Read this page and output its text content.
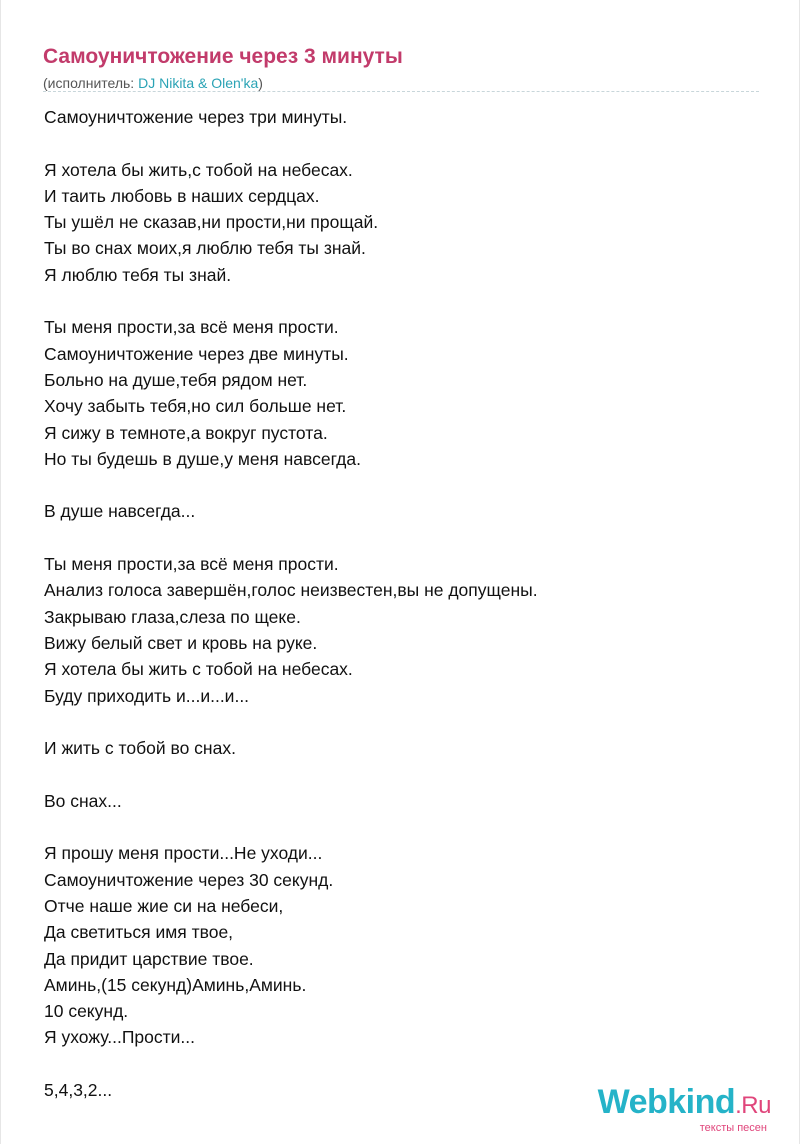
Самоуничтожение через 3 минуты
(исполнитель: DJ Nikita & Olen'ka)
Самоуничтожение через три минуты.
Я хотела бы жить,с тобой на небесах.
И таить любовь в наших сердцах.
Ты ушёл не сказав,ни прости,ни прощай.
Ты во снах моих,я люблю тебя ты знай.
Я люблю тебя ты знай.
Ты меня прости,за всё меня прости.
Самоуничтожение через две минуты.
Больно на душе,тебя рядом нет.
Хочу забыть тебя,но сил больше нет.
Я сижу в темноте,а вокруг пустота.
Но ты будешь в душе,у меня навсегда.
В душе навсегда...
Ты меня прости,за всё меня прости.
Анализ голоса завершён,голос неизвестен,вы не допущены.
Закрываю глаза,слеза по щеке.
Вижу белый свет и кровь на руке.
Я хотела бы жить с тобой на небесах.
Буду приходить и...и...и...
И жить с тобой во снах.
Во снах...
Я прошу меня прости...Не уходи...
Самоуничтожение через 30 секунд.
Отче наше жие си на небеси,
Да светиться имя твое,
Да придит царствие твое.
Аминь,(15 секунд)Аминь,Аминь.
10 секунд.
Я ухожу...Прости...
5,4,3,2...	Webkind.Ru
тексты песен
